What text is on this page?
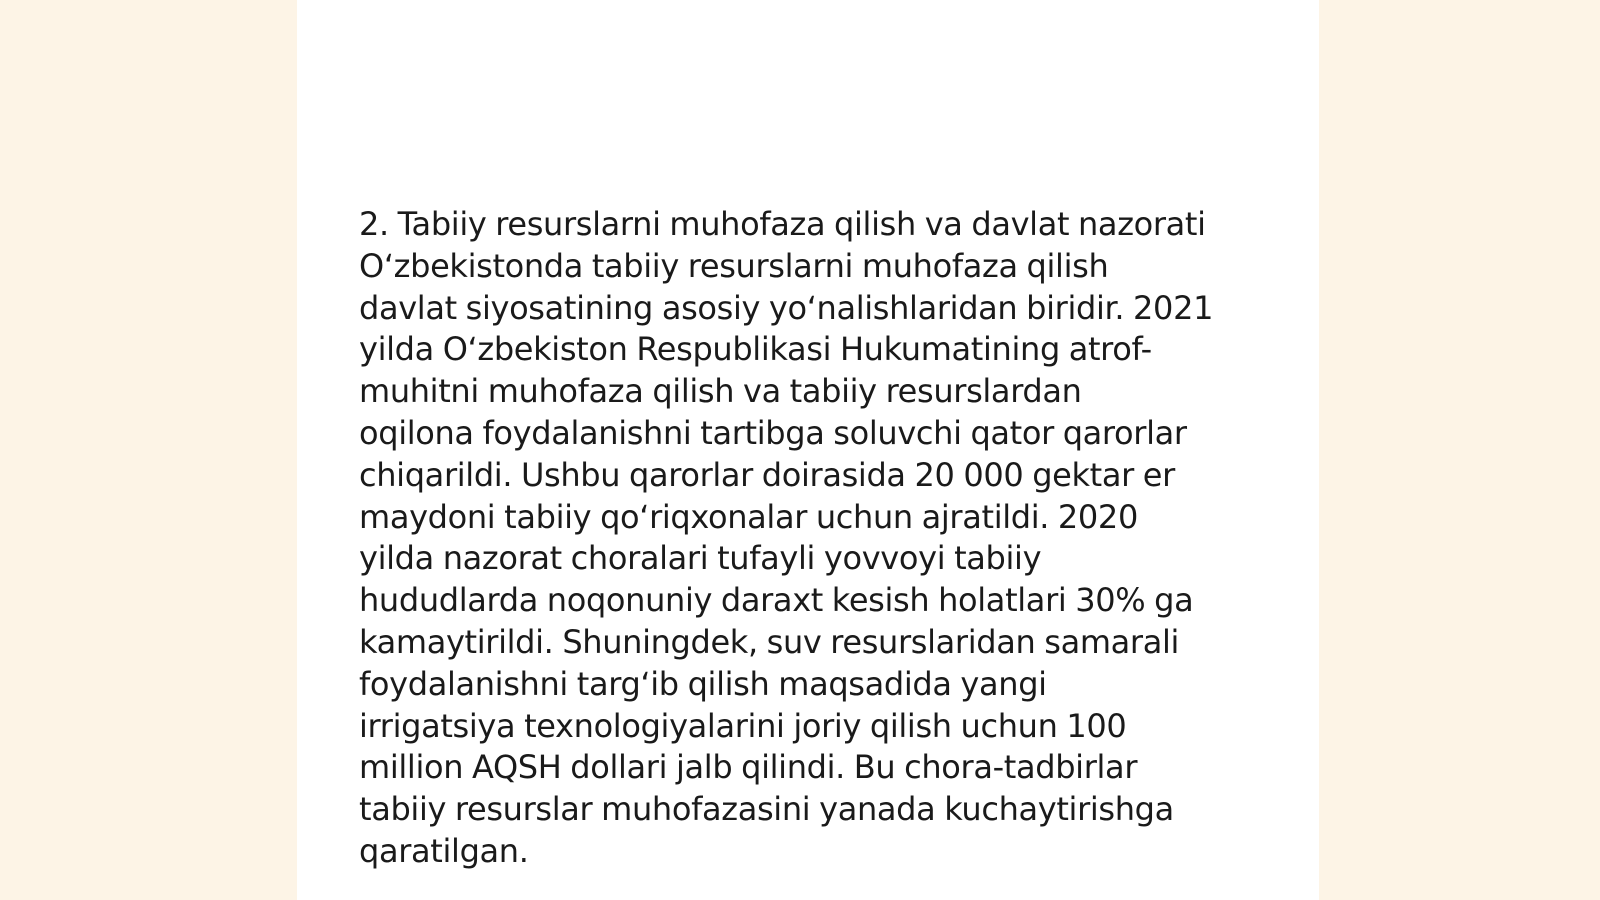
2. Tabiiy resurslarni muhofaza qilish va davlat nazorati
O‘zbekistonda tabiiy resurslarni muhofaza qilish
davlat siyosatining asosiy yo‘nalishlaridan biridir. 2021
yilda O‘zbekiston Respublikasi Hukumatining atrof-
muhitni muhofaza qilish va tabiiy resurslardan
oqilona foydalanishni tartibga soluvchi qator qarorlar
chiqarildi. Ushbu qarorlar doirasida 20 000 gektar er
maydoni tabiiy qo‘riqxonalar uchun ajratildi. 2020
yilda nazorat choralari tufayli yovvoyi tabiiy
hududlarda noqonuniy daraxt kesish holatlari 30% ga
kamaytirildi. Shuningdek, suv resurslaridan samarali
foydalanishni targ‘ib qilish maqsadida yangi
irrigatsiya texnologiyalarini joriy qilish uchun 100
million AQSH dollari jalb qilindi. Bu chora-tadbirlar
tabiiy resurslar muhofazasini yanada kuchaytirishga
qaratilgan.
